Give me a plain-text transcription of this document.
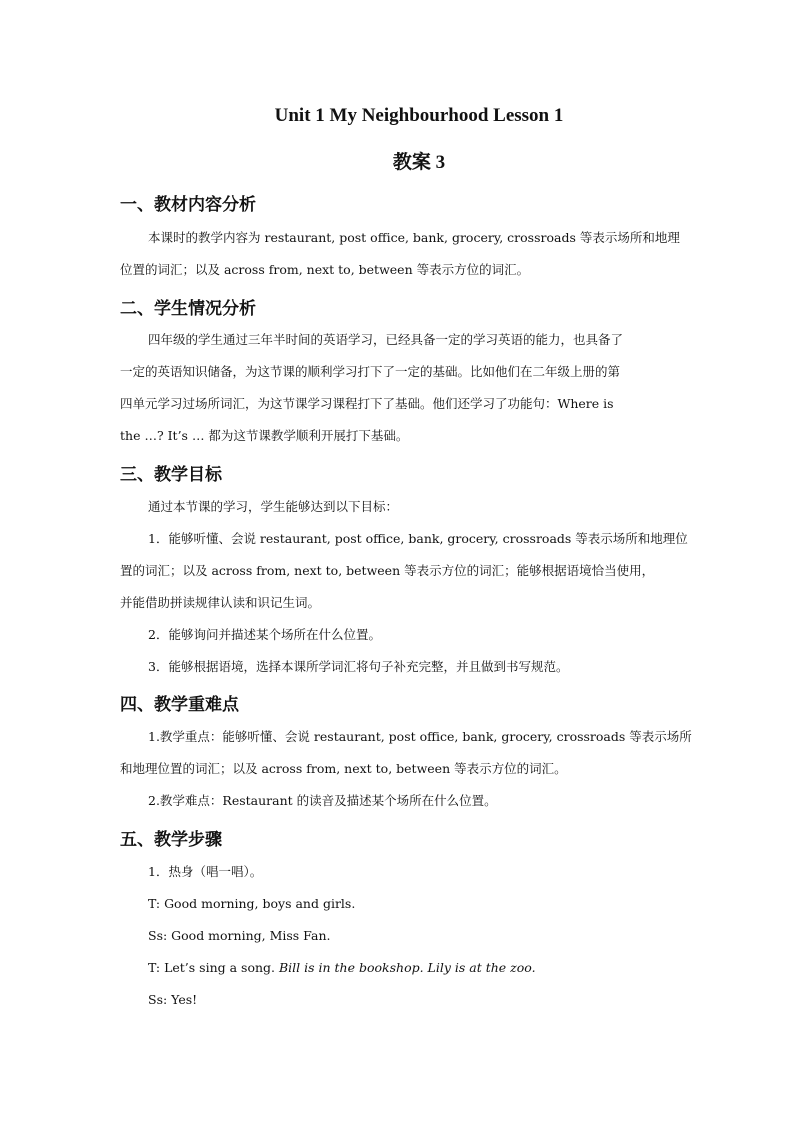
Unit 1 My Neighbourhood Lesson 1
教案 3
一、教材内容分析
本课时的教学内容为 restaurant, post office, bank, grocery, crossroads 等表示场所和地理
位置的词汇；以及 across from, next to, between 等表示方位的词汇。
二、学生情况分析
四年级的学生通过三年半时间的英语学习，已经具备一定的学习英语的能力，也具备了
一定的英语知识储备，为这节课的顺利学习打下了一定的基础。比如他们在二年级上册的第
四单元学习过场所词汇，为这节课学习课程打下了基础。他们还学习了功能句：Where is
the …? It’s … 都为这节课教学顺利开展打下基础。
三、教学目标
通过本节课的学习，学生能够达到以下目标：
1．能够听懂、会说 restaurant, post office, bank, grocery, crossroads 等表示场所和地理位
置的词汇；以及 across from, next to, between 等表示方位的词汇；能够根据语境恰当使用，
并能借助拼读规律认读和识记生词。
2．能够询问并描述某个场所在什么位置。
3．能够根据语境，选择本课所学词汇将句子补充完整，并且做到书写规范。
四、教学重难点
1.教学重点：能够听懂、会说 restaurant, post office, bank, grocery, crossroads 等表示场所
和地理位置的词汇；以及 across from, next to, between 等表示方位的词汇。
2.教学难点：Restaurant 的读音及描述某个场所在什么位置。
五、教学步骤
1．热身（唱一唱）。
T: Good morning, boys and girls.
Ss: Good morning, Miss Fan.
T: Let’s sing a song. Bill is in the bookshop. Lily is at the zoo.
Ss: Yes!
